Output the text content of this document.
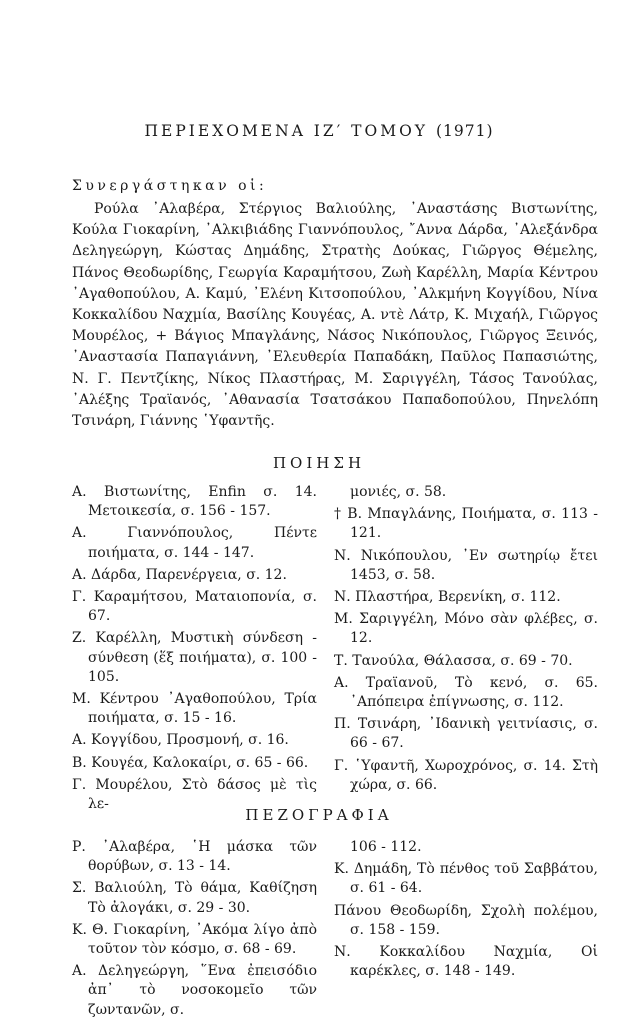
ΠΕΡΙΕΧΟΜΕΝΑ ΙΖ′ ΤΟΜΟΥ (1971)
Συνεργάστηκαν οἱ:
Ρούλα ᾿Αλαβέρα, Στέργιος Βαλιούλης, ᾿Αναστάσης Βιστωνίτης, Κούλα Γιοκαρίνη, ᾿Αλκιβιάδης Γιαννόπουλος, ῎Αννα Δάρδα, ᾿Αλεξάνδρα Δεληγεώργη, Κώστας Δημάδης, Στρατὴς Δούκας, Γιῶργος Θέμελης, Πάνος Θεοδωρίδης, Γεωργία Καραμήτσου, Ζωὴ Καρέλλη, Μαρία Κέντρου ᾿Αγαθοπούλου, Α. Καμύ, ᾿Ελένη Κιτσοπούλου, ᾿Αλκμήνη Κογγίδου, Νίνα Κοκκαλίδου Ναχμία, Βασίλης Κουγέας, Α. ντὲ Λάτρ, Κ. Μιχαήλ, Γιῶργος Μουρέλος, + Βάγιος Μπαγλάνης, Νάσος Νικόπουλος, Γιῶργος Ξεινός, ᾿Αναστασία Παπαγιάννη, ᾿Ελευθερία Παπαδάκη, Παῦλος Παπασιώτης, Ν. Γ. Πεντζίκης, Νίκος Πλαστήρας, Μ. Σαριγγέλη, Τάσος Τανούλας, ᾿Αλέξης Τραϊανός, ᾿Αθανασία Τσατσάκου Παπαδοπούλου, Πηνελόπη Τσινάρη, Γιάννης ῾Υφαντῆς.
ΠΟΙΗΣΗ
Α. Βιστωνίτης, Enfin σ. 14. Μετοικεσία, σ. 156 - 157.
Α. Γιαννόπουλος, Πέντε ποιήματα, σ. 144 - 147.
Α. Δάρδα, Παρενέργεια, σ. 12.
Γ. Καραμήτσου, Ματαιοπονία, σ. 67.
Ζ. Καρέλλη, Μυστικὴ σύνδεση - σύνθεση (ἕξ ποιήματα), σ. 100 - 105.
Μ. Κέντρου ᾿Αγαθοπούλου, Τρία ποιήματα, σ. 15 - 16.
Α. Κογγίδου, Προσμονή, σ. 16.
Β. Κουγέα, Καλοκαίρι, σ. 65 - 66.
Γ. Μουρέλου, Στὸ δάσος μὲ τὶς λε-
μονιές, σ. 58.
† Β. Μπαγλάνης, Ποιήματα, σ. 113 - 121.
Ν. Νικόπουλου, ᾿Εν σωτηρίῳ ἔτει 1453, σ. 58.
Ν. Πλαστήρα, Βερενίκη, σ. 112.
Μ. Σαριγγέλη, Μόνο σὰν φλέβες, σ. 12.
Τ. Τανούλα, Θάλασσα, σ. 69 - 70.
Α. Τραϊανοῦ, Τὸ κενό, σ. 65. ᾿Απόπειρα ἐπίγνωσης, σ. 112.
Π. Τσινάρη, ᾿Ιδανικὴ γειτνίασις, σ. 66 - 67.
Γ. ῾Υφαντῆ, Χωροχρόνος, σ. 14. Στὴ χώρα, σ. 66.
ΠΕΖΟΓΡΑΦΙΑ
Ρ. ᾿Αλαβέρα, ῾Η μάσκα τῶν θορύβων, σ. 13 - 14.
Σ. Βαλιούλη, Τὸ θάμα, Καθίζηση Τὸ ἀλογάκι, σ. 29 - 30.
Κ. Θ. Γιοκαρίνη, ᾿Ακόμα λίγο ἀπὸ τοῦτον τὸν κόσμο, σ. 68 - 69.
Α. Δεληγεώργη, ῞Ενα ἐπεισόδιο ἀπ᾿ τὸ νοσοκομεῖο τῶν ζωντανῶν, σ.
106 - 112.
Κ. Δημάδη, Τὸ πένθος τοῦ Σαββάτου, σ. 61 - 64.
Πάνου Θεοδωρίδη, Σχολὴ πολέμου, σ. 158 - 159.
Ν. Κοκκαλίδου Ναχμία, Οἱ καρέκλες, σ. 148 - 149.
